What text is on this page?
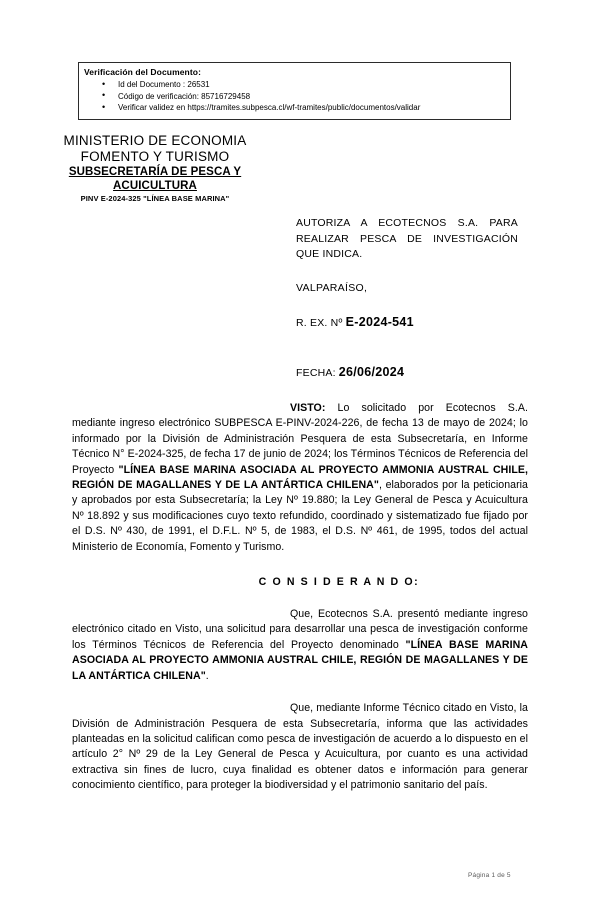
Verificación del Documento:
• Id del Documento : 26531
• Código de verificación: 85716729458
• Verificar validez en https://tramites.subpesca.cl/wf-tramites/public/documentos/validar
MINISTERIO DE ECONOMIA
FOMENTO Y TURISMO
SUBSECRETARÍA DE PESCA Y
ACUICULTURA
PINV E-2024-325 "LÍNEA BASE MARINA"
AUTORIZA A ECOTECNOS S.A. PARA REALIZAR PESCA DE INVESTIGACIÓN QUE INDICA.
VALPARAÍSO,
R. EX. Nº E-2024-541
FECHA: 26/06/2024

VISTO: Lo solicitado por Ecotecnos S.A. mediante ingreso electrónico SUBPESCA E-PINV-2024-226, de fecha 13 de mayo de 2024; lo informado por la División de Administración Pesquera de esta Subsecretaría, en Informe Técnico N° E-2024-325, de fecha 17 de junio de 2024; los Términos Técnicos de Referencia del Proyecto "LÍNEA BASE MARINA ASOCIADA AL PROYECTO AMMONIA AUSTRAL CHILE, REGIÓN DE MAGALLANES Y DE LA ANTÁRTICA CHILENA", elaborados por la peticionaria y aprobados por esta Subsecretaría; la Ley Nº 19.880; la Ley General de Pesca y Acuicultura Nº 18.892 y sus modificaciones cuyo texto refundido, coordinado y sistematizado fue fijado por el D.S. Nº 430, de 1991, el D.F.L. Nº 5, de 1983, el D.S. Nº 461, de 1995, todos del actual Ministerio de Economía, Fomento y Turismo.

C O N S I D E R A N D O:

Que, Ecotecnos S.A. presentó mediante ingreso electrónico citado en Visto, una solicitud para desarrollar una pesca de investigación conforme los Términos Técnicos de Referencia del Proyecto denominado "LÍNEA BASE MARINA ASOCIADA AL PROYECTO AMMONIA AUSTRAL CHILE, REGIÓN DE MAGALLANES Y DE LA ANTÁRTICA CHILENA".

Que, mediante Informe Técnico citado en Visto, la División de Administración Pesquera de esta Subsecretaría, informa que las actividades planteadas en la solicitud califican como pesca de investigación de acuerdo a lo dispuesto en el artículo 2° Nº 29 de la Ley General de Pesca y Acuicultura, por cuanto es una actividad extractiva sin fines de lucro, cuya finalidad es obtener datos e información para generar conocimiento científico, para proteger la biodiversidad y el patrimonio sanitario del país.

Página 1 de 5
